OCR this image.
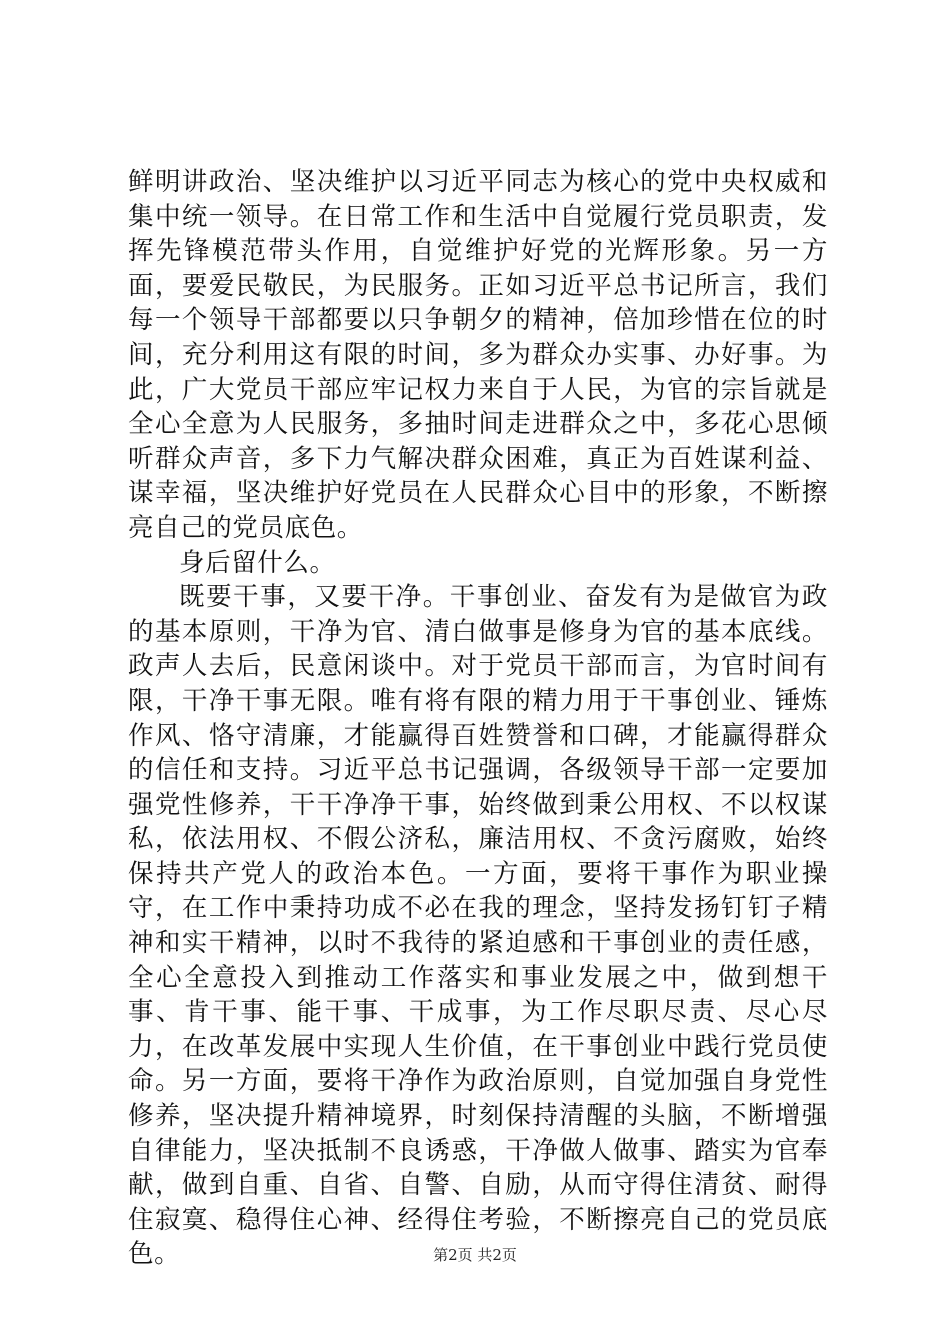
鲜明讲政治、坚决维护以习近平同志为核心的党中央权威和集中统一领导。在日常工作和生活中自觉履行党员职责，发挥先锋模范带头作用，自觉维护好党的光辉形象。另一方面，要爱民敬民，为民服务。正如习近平总书记所言，我们每一个领导干部都要以只争朝夕的精神，倍加珍惜在位的时间，充分利用这有限的时间，多为群众办实事、办好事。为此，广大党员干部应牢记权力来自于人民，为官的宗旨就是全心全意为人民服务，多抽时间走进群众之中，多花心思倾听群众声音，多下力气解决群众困难，真正为百姓谋利益、谋幸福，坚决维护好党员在人民群众心目中的形象，不断擦亮自己的党员底色。

身后留什么。

既要干事，又要干净。干事创业、奋发有为是做官为政的基本原则，干净为官、清白做事是修身为官的基本底线。政声人去后，民意闲谈中。对于党员干部而言，为官时间有限，干净干事无限。唯有将有限的精力用于干事创业、锤炼作风、恪守清廉，才能赢得百姓赞誉和口碑，才能赢得群众的信任和支持。习近平总书记强调，各级领导干部一定要加强党性修养，干干净净干事，始终做到秉公用权、不以权谋私，依法用权、不假公济私，廉洁用权、不贪污腐败，始终保持共产党人的政治本色。一方面，要将干事作为职业操守，在工作中秉持功成不必在我的理念，坚持发扬钉钉子精神和实干精神，以时不我待的紧迫感和干事创业的责任感，全心全意投入到推动工作落实和事业发展之中，做到想干事、肯干事、能干事、干成事，为工作尽职尽责、尽心尽力，在改革发展中实现人生价值，在干事创业中践行党员使命。另一方面，要将干净作为政治原则，自觉加强自身党性修养，坚决提升精神境界，时刻保持清醒的头脑，不断增强自律能力，坚决抵制不良诱惑，干净做人做事、踏实为官奉献，做到自重、自省、自警、自励，从而守得住清贫、耐得住寂寞、稳得住心神、经得住考验，不断擦亮自己的党员底色。	第2页 共2页
